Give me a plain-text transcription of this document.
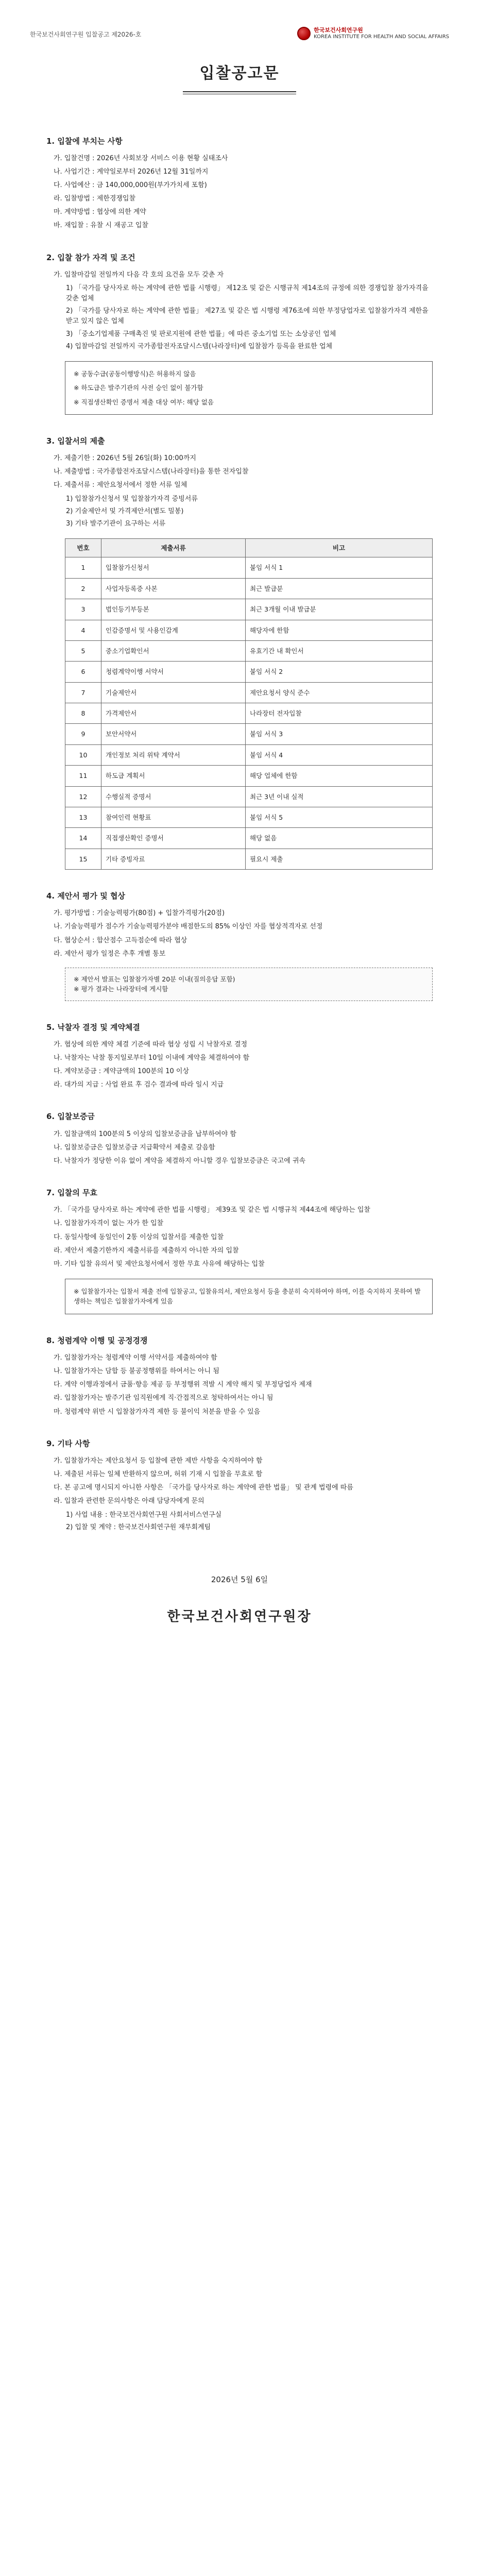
한국보건사회연구원 입찰공고 제2026-호
한국보건사회연구원
KOREA INSTITUTE FOR HEALTH AND SOCIAL AFFAIRS
입찰공고문
1. 입찰에 부치는 사항
가. 입찰건명 : 2026년 사회보장 서비스 이용 현황 실태조사
나. 사업기간 : 계약일로부터 2026년 12월 31일까지
다. 사업예산 : 금 140,000,000원(부가가치세 포함)
라. 입찰방법 : 제한경쟁입찰
마. 계약방법 : 협상에 의한 계약
바. 재입찰 : 유찰 시 재공고 입찰
2. 입찰 참가 자격 및 조건
가. 입찰마감일 전일까지 다음 각 호의 요건을 모두 갖춘 자
1) 「국가를 당사자로 하는 계약에 관한 법률 시행령」 제12조 및 같은 시행규칙 제14조의 규정에 의한 경쟁입찰 참가자격을 갖춘 업체
2) 「국가를 당사자로 하는 계약에 관한 법률」 제27조 및 같은 법 시행령 제76조에 의한 부정당업자로 입찰참가자격 제한을 받고 있지 않은 업체
3) 「중소기업제품 구매촉진 및 판로지원에 관한 법률」에 따른 중소기업 또는 소상공인 업체
4) 입찰마감일 전일까지 국가종합전자조달시스템(나라장터)에 입찰참가 등록을 완료한 업체
※ 공동수급(공동이행방식)은 허용하지 않음
※ 하도급은 발주기관의 사전 승인 없이 불가함
※ 직접생산확인 증명서 제출 대상 여부: 해당 없음
3. 입찰서의 제출
가. 제출기한 : 2026년 5월 26일(화) 10:00까지
나. 제출방법 : 국가종합전자조달시스템(나라장터)을 통한 전자입찰
다. 제출서류 : 제안요청서에서 정한 서류 일체
1) 입찰참가신청서 및 입찰참가자격 증빙서류
2) 기술제안서 및 가격제안서(별도 밀봉)
3) 기타 발주기관이 요구하는 서류
번호	제출서류	비고
1	입찰참가신청서	붙임 서식 1
2	사업자등록증 사본	최근 발급분
3	법인등기부등본	최근 3개월 이내 발급분
4	인감증명서 및 사용인감계	해당자에 한함
5	중소기업확인서	유효기간 내 확인서
6	청렴계약이행 서약서	붙임 서식 2
7	기술제안서	제안요청서 양식 준수
8	가격제안서	나라장터 전자입찰
9	보안서약서	붙임 서식 3
10	개인정보 처리 위탁 계약서	붙임 서식 4
11	하도급 계획서	해당 업체에 한함
12	수행실적 증명서	최근 3년 이내 실적
13	참여인력 현황표	붙임 서식 5
14	직접생산확인 증명서	해당 없음
15	기타 증빙자료	필요시 제출
4. 제안서 평가 및 협상
가. 평가방법 : 기술능력평가(80점) + 입찰가격평가(20점)
나. 기술능력평가 점수가 기술능력평가분야 배점한도의 85% 이상인 자를 협상적격자로 선정
다. 협상순서 : 합산점수 고득점순에 따라 협상
라. 제안서 평가 일정은 추후 개별 통보
※ 제안서 발표는 입찰참가자별 20분 이내(질의응답 포함)
※ 평가 결과는 나라장터에 게시함
5. 낙찰자 결정 및 계약체결
가. 협상에 의한 계약 체결 기준에 따라 협상 성립 시 낙찰자로 결정
나. 낙찰자는 낙찰 통지일로부터 10일 이내에 계약을 체결하여야 함
다. 계약보증금 : 계약금액의 100분의 10 이상
라. 대가의 지급 : 사업 완료 후 검수 결과에 따라 일시 지급
6. 입찰보증금
가. 입찰금액의 100분의 5 이상의 입찰보증금을 납부하여야 함
나. 입찰보증금은 입찰보증금 지급확약서 제출로 갈음함
다. 낙찰자가 정당한 이유 없이 계약을 체결하지 아니할 경우 입찰보증금은 국고에 귀속
7. 입찰의 무효
가. 「국가를 당사자로 하는 계약에 관한 법률 시행령」 제39조 및 같은 법 시행규칙 제44조에 해당하는 입찰
나. 입찰참가자격이 없는 자가 한 입찰
다. 동일사항에 동일인이 2통 이상의 입찰서를 제출한 입찰
라. 제안서 제출기한까지 제출서류를 제출하지 아니한 자의 입찰
마. 기타 입찰 유의서 및 제안요청서에서 정한 무효 사유에 해당하는 입찰
※ 입찰참가자는 입찰서 제출 전에 입찰공고, 입찰유의서, 제안요청서 등을 충분히 숙지하여야 하며, 이를 숙지하지 못하여 발생하는 책임은 입찰참가자에게 있음
8. 청렴계약 이행 및 공정경쟁
가. 입찰참가자는 청렴계약 이행 서약서를 제출하여야 함
나. 입찰참가자는 담합 등 불공정행위를 하여서는 아니 됨
다. 계약 이행과정에서 금품·향응 제공 등 부정행위 적발 시 계약 해지 및 부정당업자 제재
라. 입찰참가자는 발주기관 임직원에게 직·간접적으로 청탁하여서는 아니 됨
마. 청렴계약 위반 시 입찰참가자격 제한 등 불이익 처분을 받을 수 있음
9. 기타 사항
가. 입찰참가자는 제안요청서 등 입찰에 관한 제반 사항을 숙지하여야 함
나. 제출된 서류는 일체 반환하지 않으며, 허위 기재 시 입찰을 무효로 함
다. 본 공고에 명시되지 아니한 사항은 「국가를 당사자로 하는 계약에 관한 법률」 및 관계 법령에 따름
라. 입찰과 관련한 문의사항은 아래 담당자에게 문의
1) 사업 내용 : 한국보건사회연구원 사회서비스연구실
2) 입찰 및 계약 : 한국보건사회연구원 재무회계팀
2026년 5월 6일
한국보건사회연구원장
